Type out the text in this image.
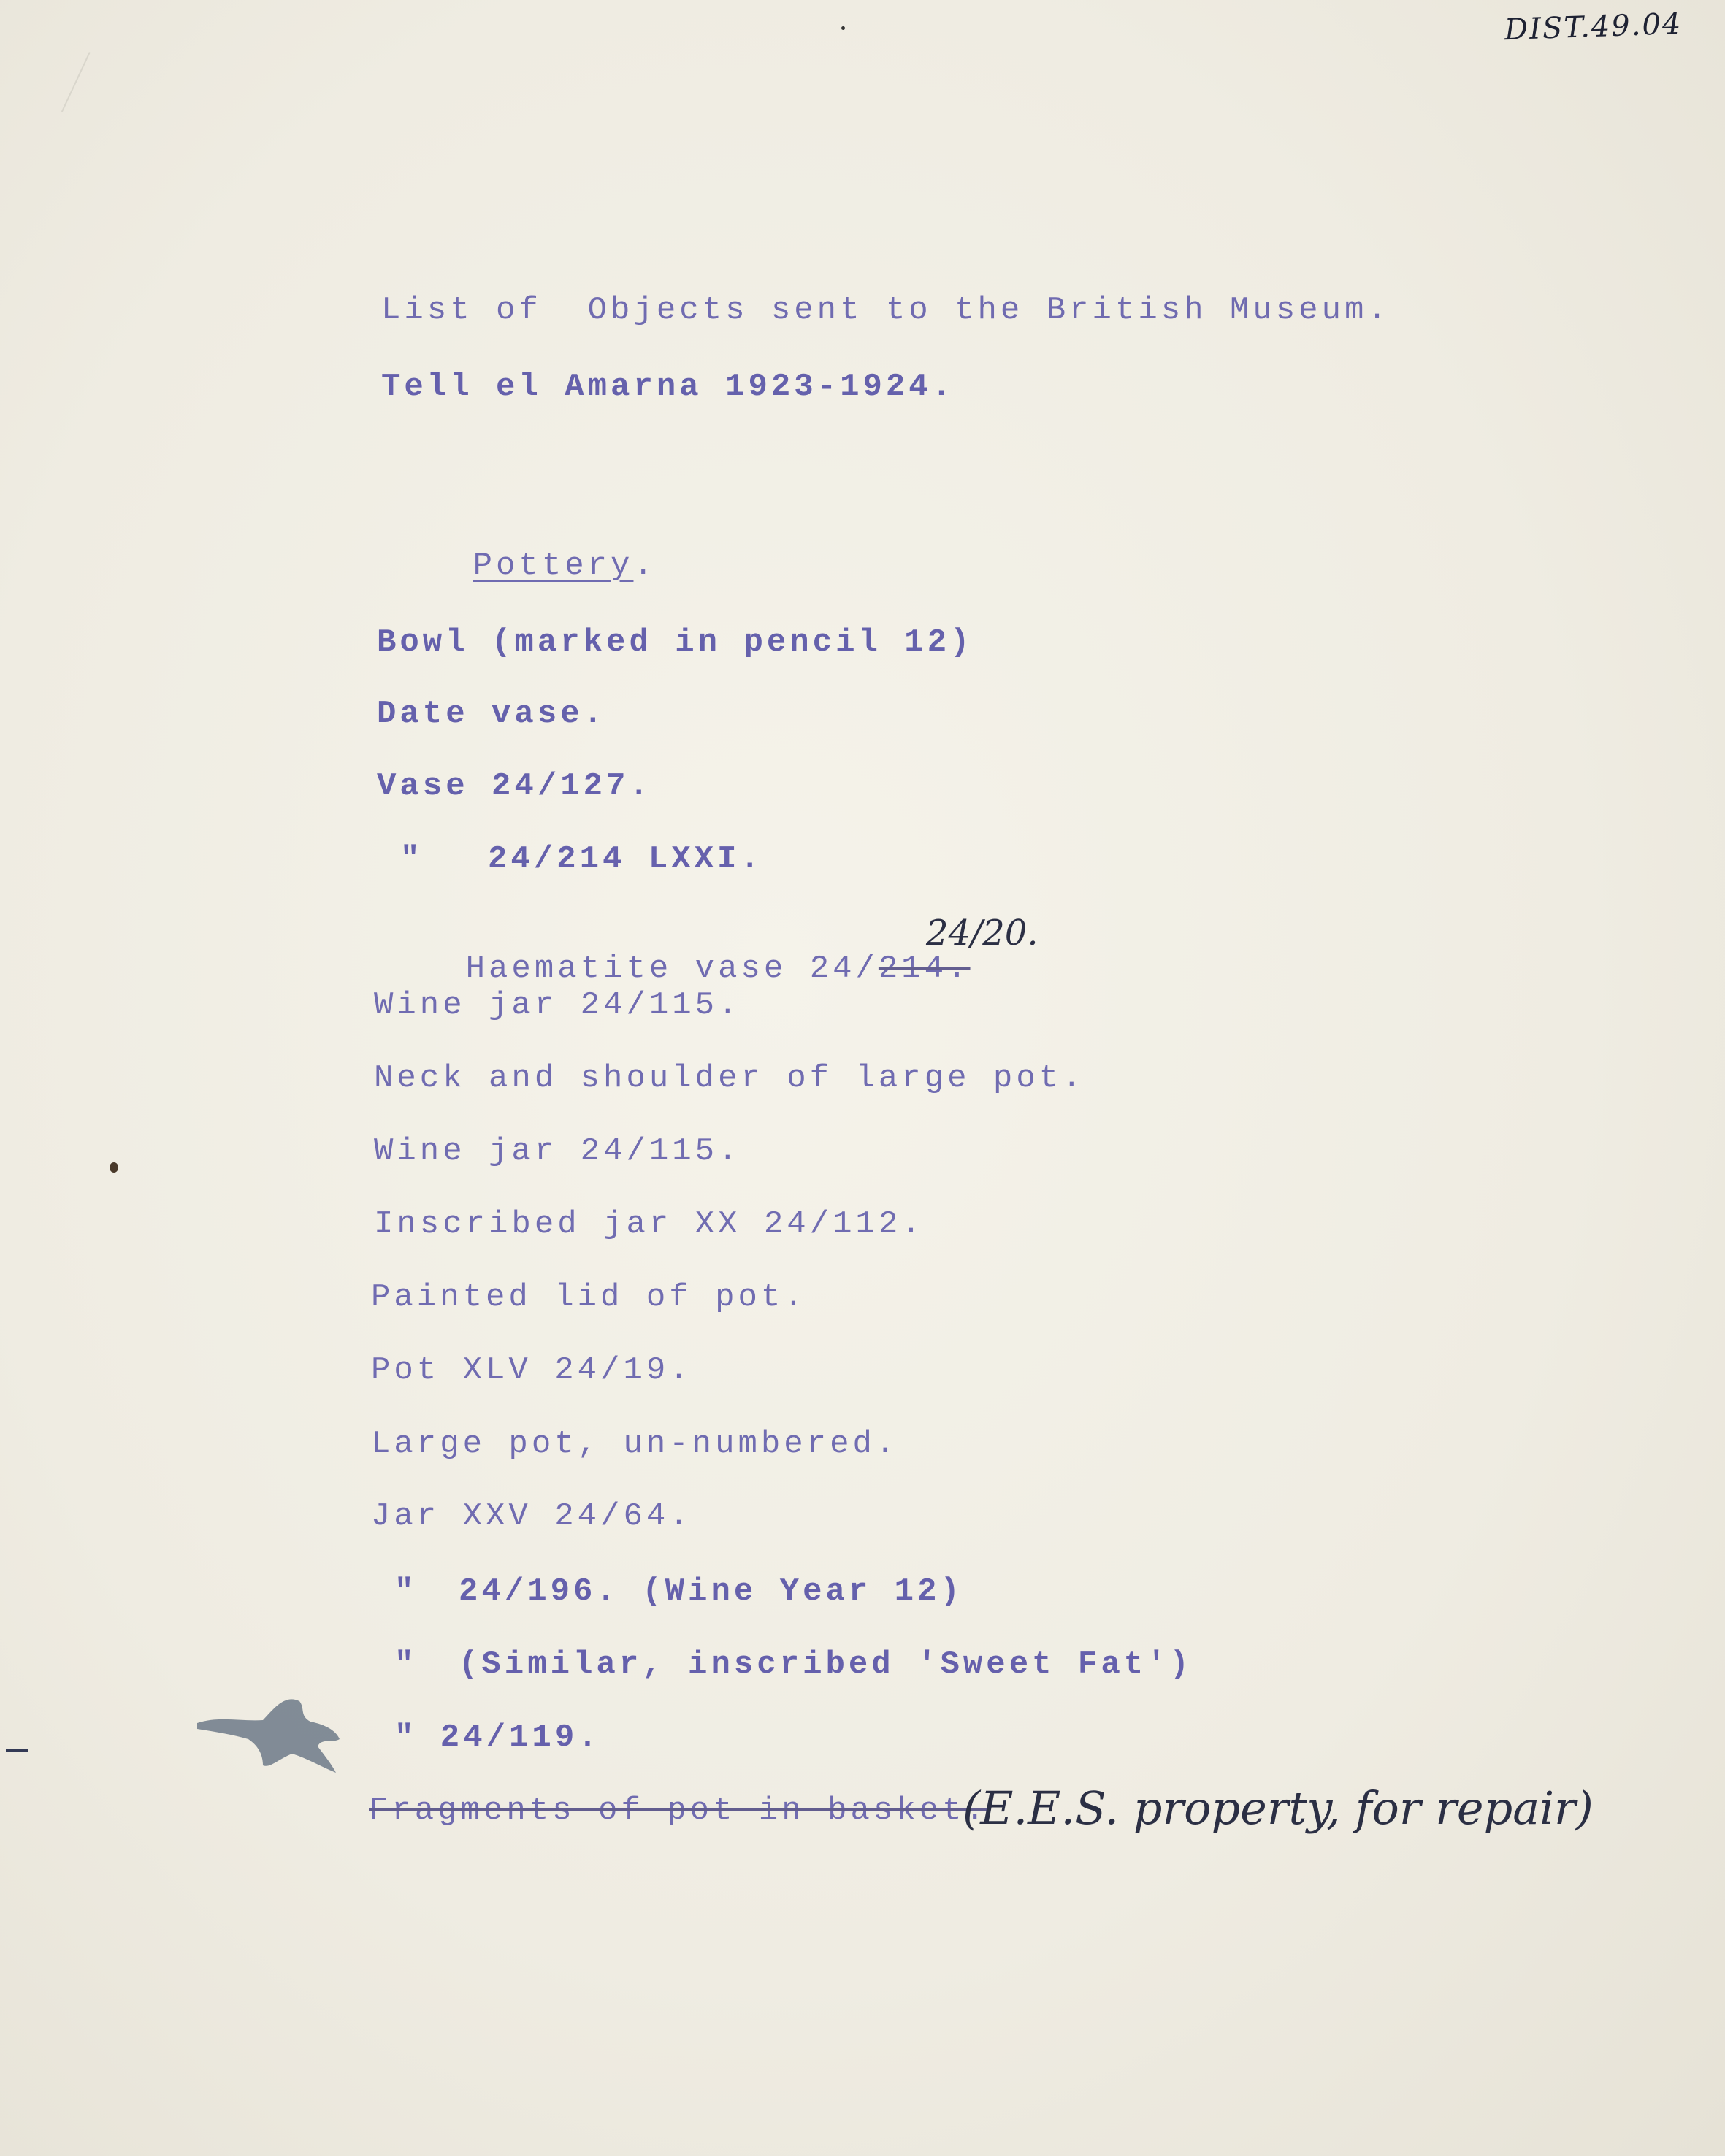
DIST.49.04
List of  Objects sent to the British Museum.
Tell el Amarna 1923-1924.

Pottery.

Bowl (marked in pencil 12)
Date vase.
Vase 24/127.
" 24/214 LXXI.

Haematite vase 24/214.

24/20.
Wine jar 24/115.
Neck and shoulder of large pot.
Wine jar 24/115.
Inscribed jar XX 24/112.
Painted lid of pot.
Pot XLV 24/19.
Large pot, un-numbered.
Jar XXV 24/64.
" 24/196. (Wine Year 12)
" (Similar, inscribed 'Sweet Fat')
" 24/119.
Fragments of pot in basket.
(E.E.S. property, for repair)
